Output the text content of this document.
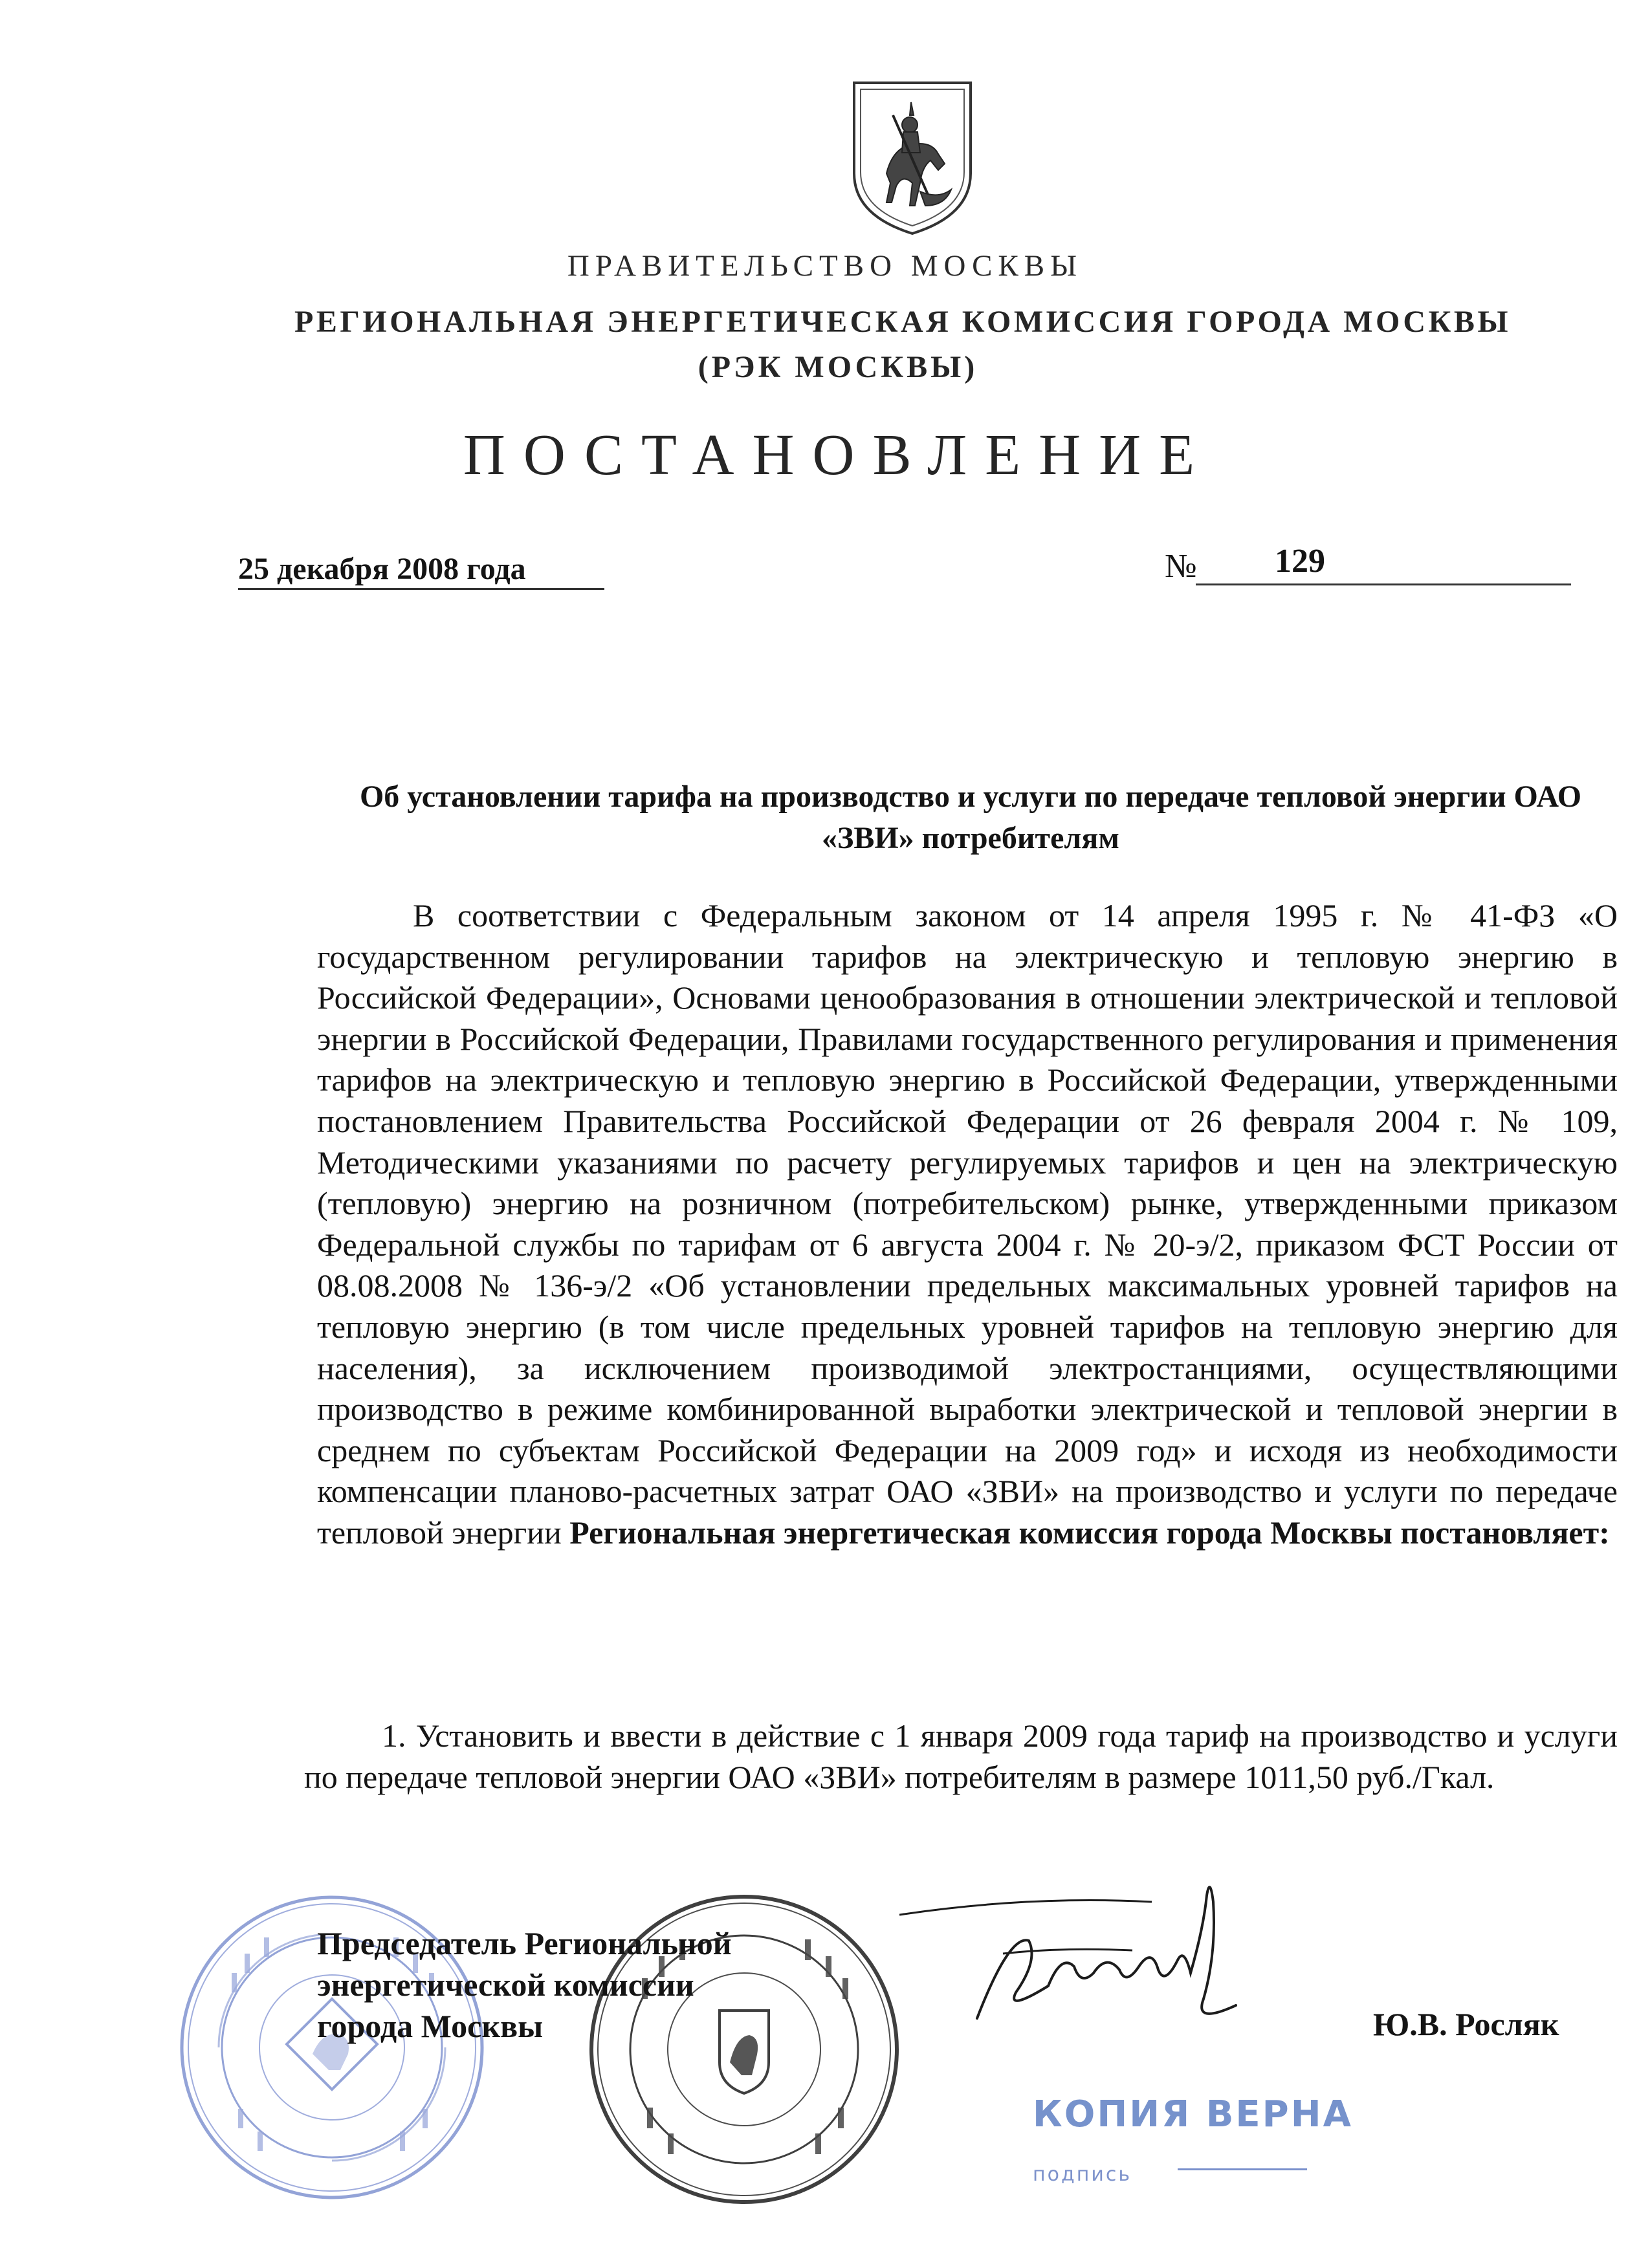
ПРАВИТЕЛЬСТВО МОСКВЫ
РЕГИОНАЛЬНАЯ ЭНЕРГЕТИЧЕСКАЯ КОМИССИЯ ГОРОДА МОСКВЫ
(РЭК МОСКВЫ)
ПОСТАНОВЛЕНИЕ
25 декабря 2008 года	№ 129
Об установлении тарифа на производство и услуги по передаче тепловой энергии ОАО «ЗВИ» потребителям
В соответствии с Федеральным законом от 14 апреля 1995 г. № 41-ФЗ «О государственном регулировании тарифов на электрическую и тепловую энергию в Российской Федерации», Основами ценообразования в отношении электрической и тепловой энергии в Российской Федерации, Правилами государственного регулирования и применения тарифов на электрическую и тепловую энергию в Российской Федерации, утвержденными постановлением Правительства Российской Федерации от 26 февраля 2004 г. № 109, Методическими указаниями по расчету регулируемых тарифов и цен на электрическую (тепловую) энергию на розничном (потребительском) рынке, утвержденными приказом Федеральной службы по тарифам от 6 августа 2004 г. № 20-э/2, приказом ФСТ России от 08.08.2008 № 136-э/2 «Об установлении предельных максимальных уровней тарифов на тепловую энергию (в том числе предельных уровней тарифов на тепловую энергию для населения), за исключением производимой электростанциями, осуществляющими производство в режиме комбинированной выработки электрической и тепловой энергии в среднем по субъектам Российской Федерации на 2009 год» и исходя из необходимости компенсации планово-расчетных затрат ОАО «ЗВИ» на производство и услуги по передаче тепловой энергии Региональная энергетическая комиссия города Москвы постановляет:
1. Установить и ввести в действие с 1 января 2009 года тариф на производство и услуги по передаче тепловой энергии ОАО «ЗВИ» потребителям в размере 1011,50 руб./Гкал.
Председатель Региональной
энергетической комиссии
города Москвы	Ю.В. Росляк
КОПИЯ ВЕРНА
подпись
